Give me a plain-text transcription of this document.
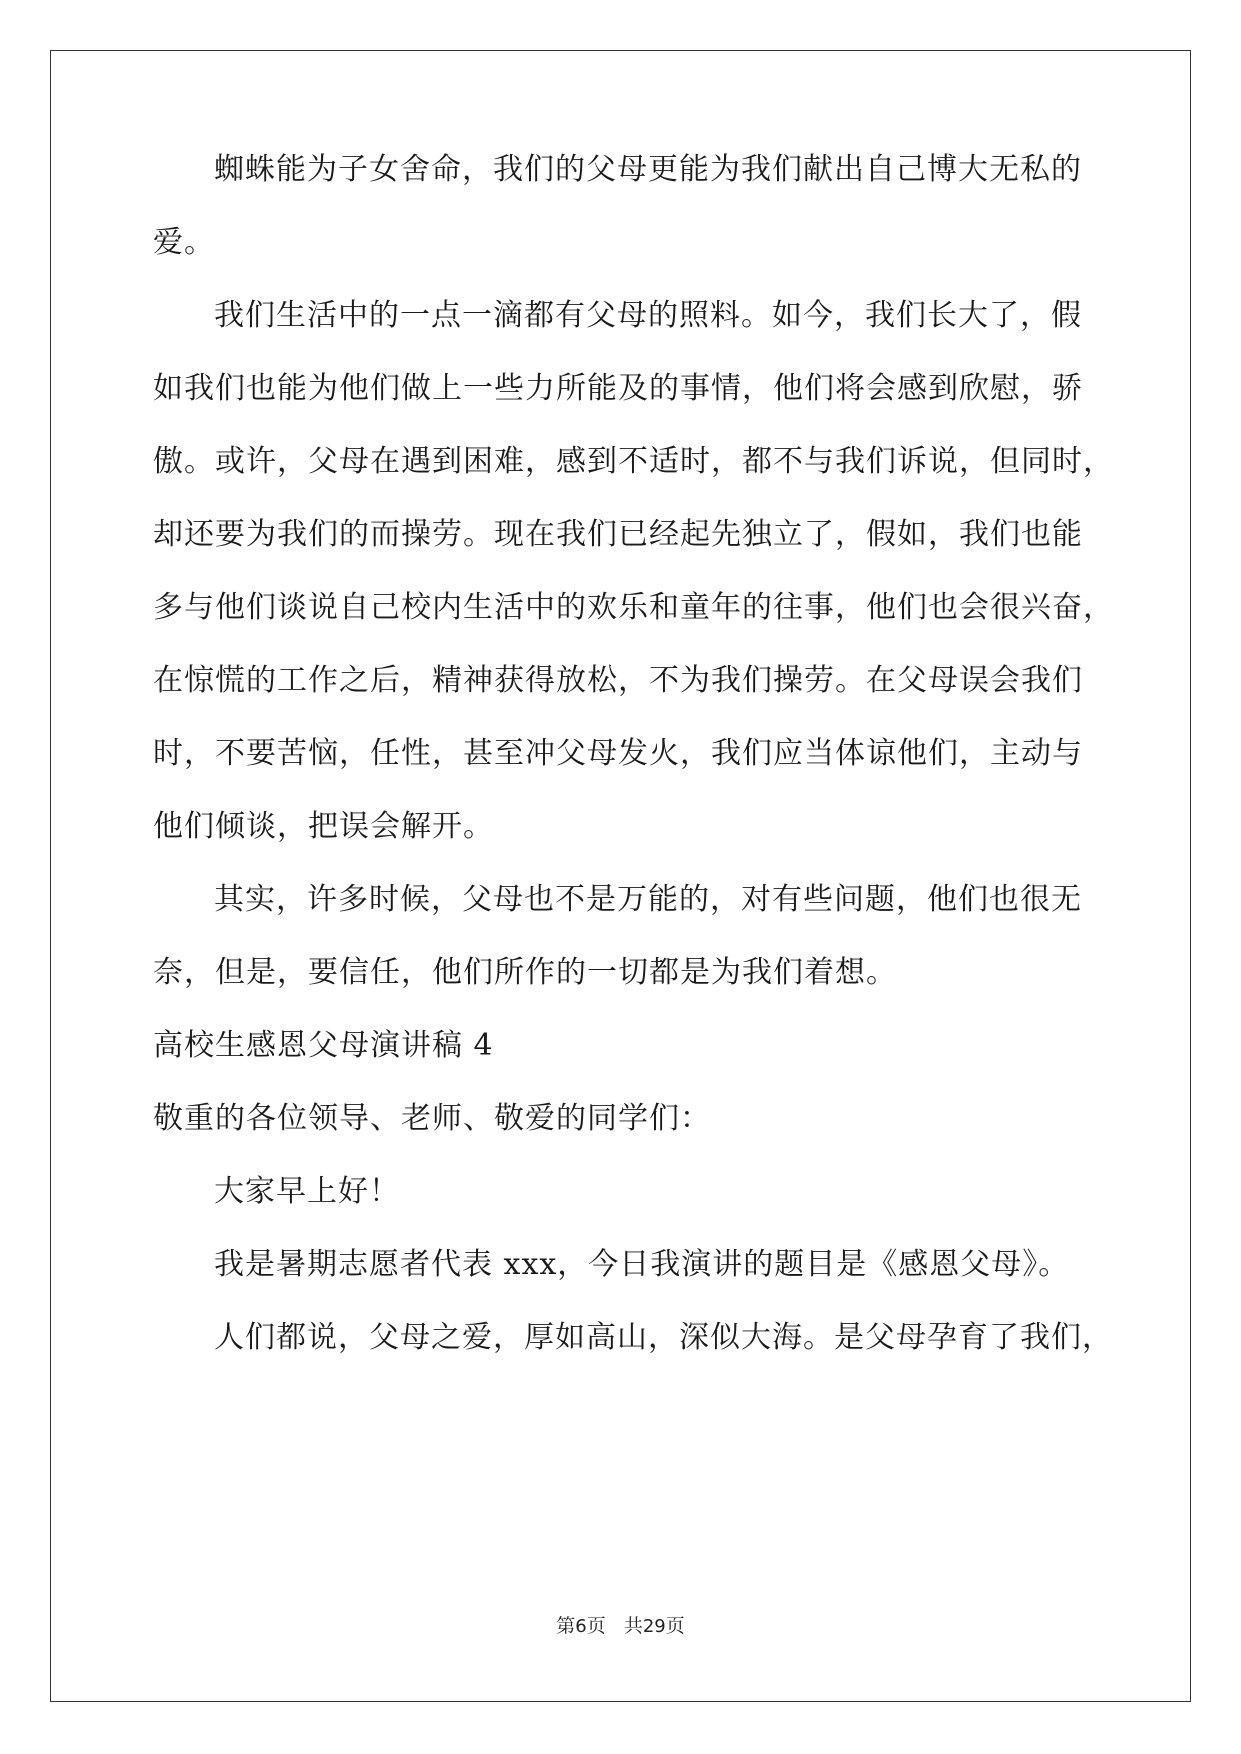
蜘蛛能为子女舍命，我们的父母更能为我们献出自己博大无私的
爱。
我们生活中的一点一滴都有父母的照料。如今，我们长大了，假
如我们也能为他们做上一些力所能及的事情，他们将会感到欣慰，骄
傲。或许，父母在遇到困难，感到不适时，都不与我们诉说，但同时，
却还要为我们的而操劳。现在我们已经起先独立了，假如，我们也能
多与他们谈说自己校内生活中的欢乐和童年的往事，他们也会很兴奋，
在惊慌的工作之后，精神获得放松，不为我们操劳。在父母误会我们
时，不要苦恼，任性，甚至冲父母发火，我们应当体谅他们，主动与
他们倾谈，把误会解开。
其实，许多时候，父母也不是万能的，对有些问题，他们也很无
奈，但是，要信任，他们所作的一切都是为我们着想。
高校生感恩父母演讲稿 4
敬重的各位领导、老师、敬爱的同学们：
大家早上好！
我是暑期志愿者代表 xxx，今日我演讲的题目是《感恩父母》。
人们都说，父母之爱，厚如高山，深似大海。是父母孕育了我们，
第6页 共29页
